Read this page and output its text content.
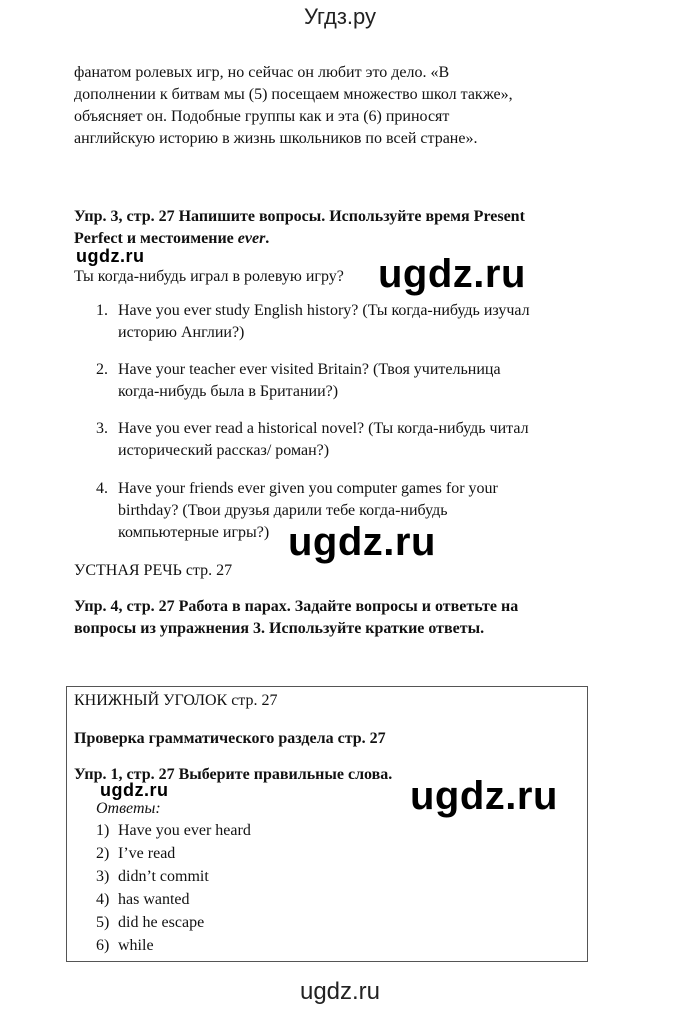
Угдз.ру
фанатом ролевых игр, но сейчас он любит это дело. «В
дополнении к битвам мы (5) посещаем множество школ также»,
объясняет он. Подобные группы как и эта (6) приносят
английскую историю в жизнь школьников по всей стране».
Упр. 3, стр. 27 Напишите вопросы. Используйте время Present
Perfect и местоимение ever.
ugdz.ru
Ты когда-нибудь играл в ролевую игру? ugdz.ru
1. Have you ever study English history? (Ты когда-нибудь изучал
историю Англии?)
2. Have your teacher ever visited Britain? (Твоя учительница
когда-нибудь была в Британии?)
3. Have you ever read a historical novel? (Ты когда-нибудь читал
исторический рассказ/ роман?)
4. Have your friends ever given you computer games for your
birthday? (Твои друзья дарили тебе когда-нибудь
компьютерные игры?) ugdz.ru
УСТНАЯ РЕЧЬ стр. 27
Упр. 4, стр. 27 Работа в парах. Задайте вопросы и ответьте на
вопросы из упражнения 3. Используйте краткие ответы.
КНИЖНЫЙ УГОЛОК стр. 27
Проверка грамматического раздела стр. 27
Упр. 1, стр. 27 Выберите правильные слова.
ugdz.ru
Ответы:	ugdz.ru
1) Have you ever heard
2) I’ve read
3) didn’t commit
4) has wanted
5) did he escape
6) while
ugdz.ru
